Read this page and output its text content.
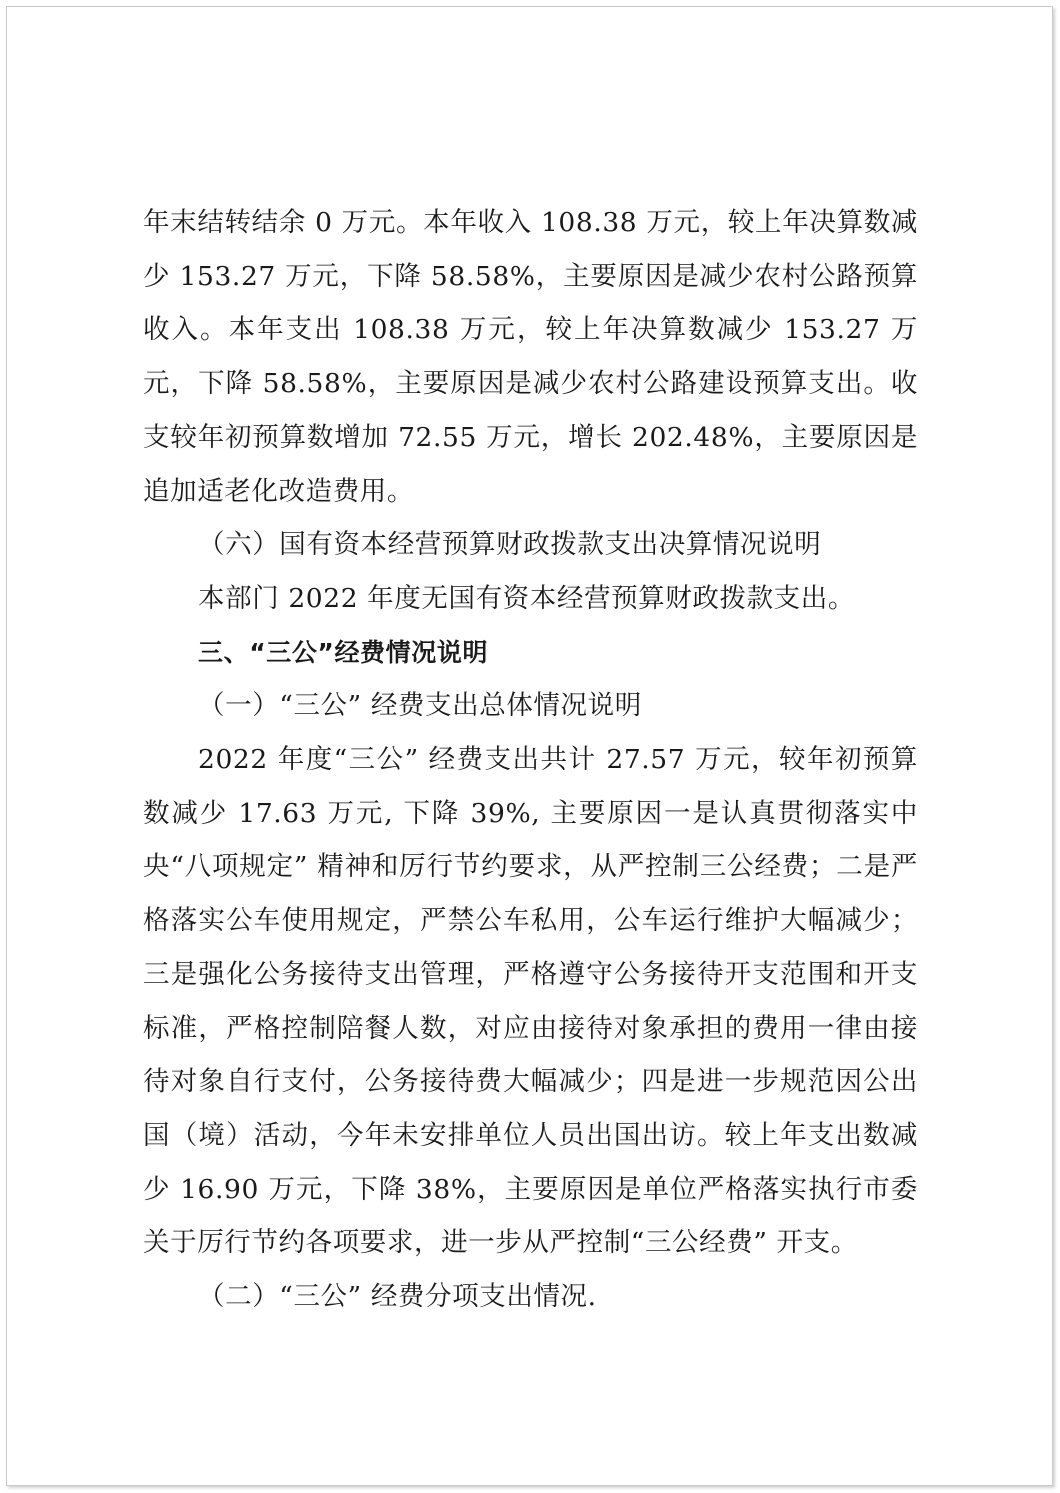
年末结转结余 0 万元。本年收入 108.38 万元，较上年决算数减少 153.27 万元，下降 58.58%，主要原因是减少农村公路预算收入。本年支出 108.38 万元，较上年决算数减少 153.27 万元，下降 58.58%，主要原因是减少农村公路建设预算支出。收支较年初预算数增加 72.55 万元，增长 202.48%，主要原因是追加适老化改造费用。

（六）国有资本经营预算财政拨款支出决算情况说明

本部门 2022 年度无国有资本经营预算财政拨款支出。

三、“三公”经费情况说明

（一）“三公” 经费支出总体情况说明

2022 年度“三公” 经费支出共计 27.57 万元，较年初预算数减少 17.63 万元, 下降 39%, 主要原因一是认真贯彻落实中央“八项规定” 精神和厉行节约要求，从严控制三公经费；二是严格落实公车使用规定，严禁公车私用，公车运行维护大幅减少；三是强化公务接待支出管理，严格遵守公务接待开支范围和开支标准，严格控制陪餐人数，对应由接待对象承担的费用一律由接待对象自行支付，公务接待费大幅减少；四是进一步规范因公出国（境）活动，今年未安排单位人员出国出访。较上年支出数减少 16.90 万元，下降 38%，主要原因是单位严格落实执行市委关于厉行节约各项要求，进一步从严控制“三公经费” 开支。

（二）“三公” 经费分项支出情况.
